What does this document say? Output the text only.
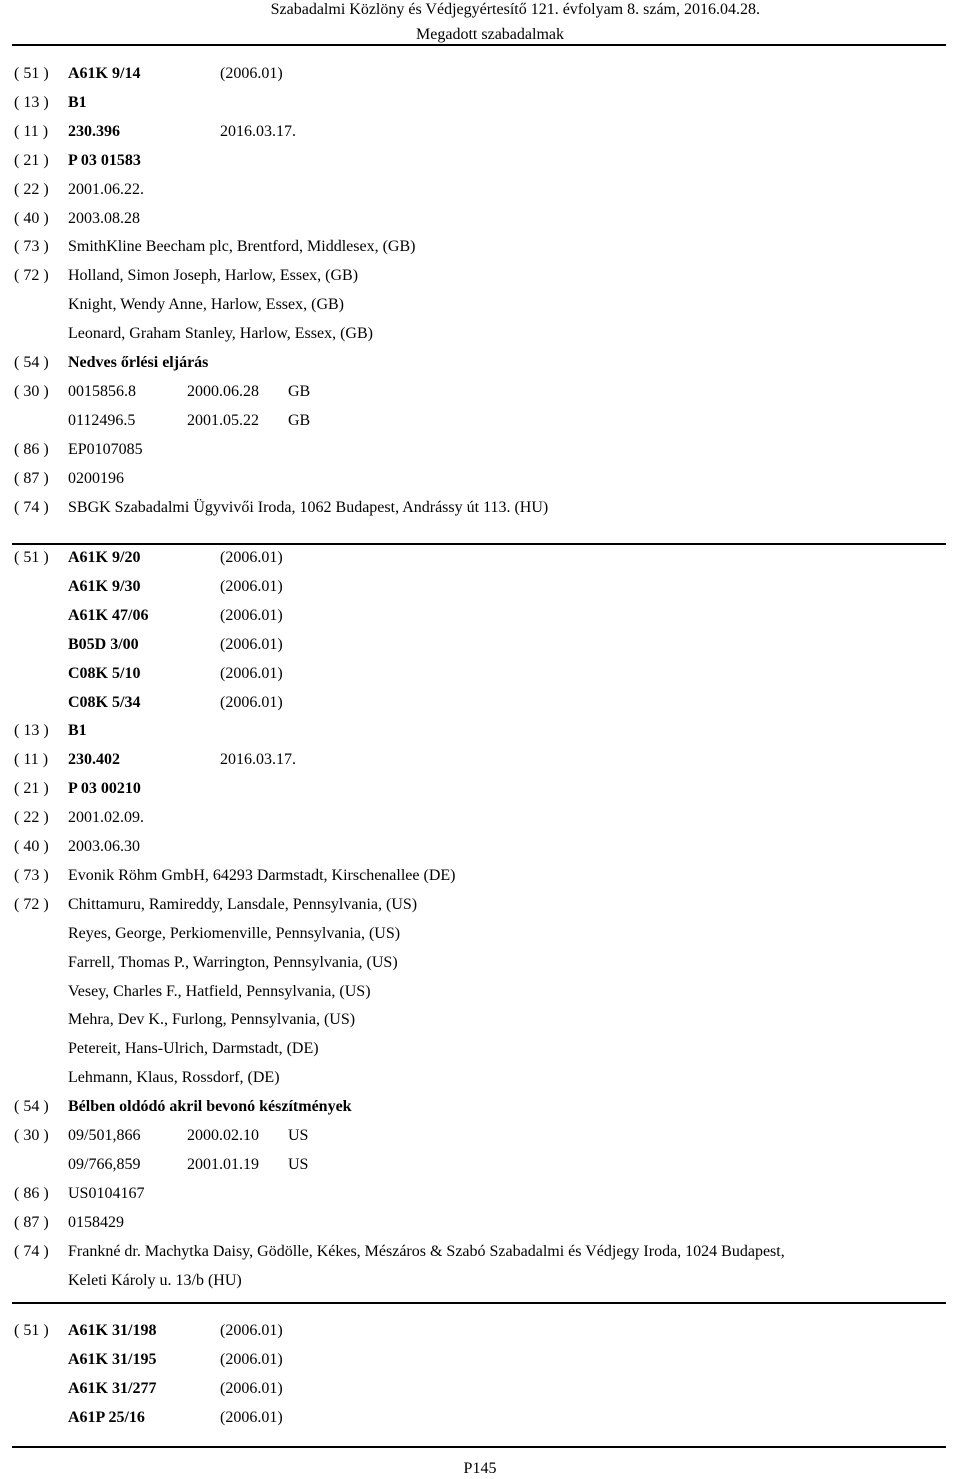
Szabadalmi Közlöny és Védjegyértesítő 121. évfolyam 8. szám, 2016.04.28.
Megadott szabadalmak
( 51 ) A61K 9/14	(2006.01)
( 13 ) B1
( 11 ) 230.396	2016.03.17.
( 21 ) P 03 01583
( 22 ) 2001.06.22.
( 40 ) 2003.08.28
( 73 ) SmithKline Beecham plc, Brentford, Middlesex, (GB)
( 72 ) Holland, Simon Joseph, Harlow, Essex, (GB)
Knight, Wendy Anne, Harlow, Essex, (GB)
Leonard, Graham Stanley, Harlow, Essex, (GB)
( 54 ) Nedves őrlési eljárás
( 30 ) 0015856.8	2000.06.28 GB
0112496.5	2001.05.22 GB
( 86 ) EP0107085
( 87 ) 0200196
( 74 ) SBGK Szabadalmi Ügyvivői Iroda, 1062 Budapest, Andrássy út 113. (HU)
( 51 ) A61K 9/20	(2006.01)
A61K 9/30	(2006.01)
A61K 47/06	(2006.01)
B05D 3/00	(2006.01)
C08K 5/10	(2006.01)
C08K 5/34	(2006.01)
( 13 ) B1
( 11 ) 230.402	2016.03.17.
( 21 ) P 03 00210
( 22 ) 2001.02.09.
( 40 ) 2003.06.30
( 73 ) Evonik Röhm GmbH, 64293 Darmstadt, Kirschenallee (DE)
( 72 ) Chittamuru, Ramireddy, Lansdale, Pennsylvania, (US)
Reyes, George, Perkiomenville, Pennsylvania, (US)
Farrell, Thomas P., Warrington, Pennsylvania, (US)
Vesey, Charles F., Hatfield, Pennsylvania, (US)
Mehra, Dev K., Furlong, Pennsylvania, (US)
Petereit, Hans-Ulrich, Darmstadt, (DE)
Lehmann, Klaus, Rossdorf, (DE)
( 54 ) Bélben oldódó akril bevonó készítmények
( 30 ) 09/501,866	2000.02.10 US
09/766,859	2001.01.19 US
( 86 ) US0104167
( 87 ) 0158429
( 74 ) Frankné dr. Machytka Daisy, Gödölle, Kékes, Mészáros & Szabó Szabadalmi és Védjegy Iroda, 1024 Budapest,
Keleti Károly u. 13/b (HU)
( 51 ) A61K 31/198	(2006.01)
A61K 31/195	(2006.01)
A61K 31/277	(2006.01)
A61P 25/16	(2006.01)
P145
